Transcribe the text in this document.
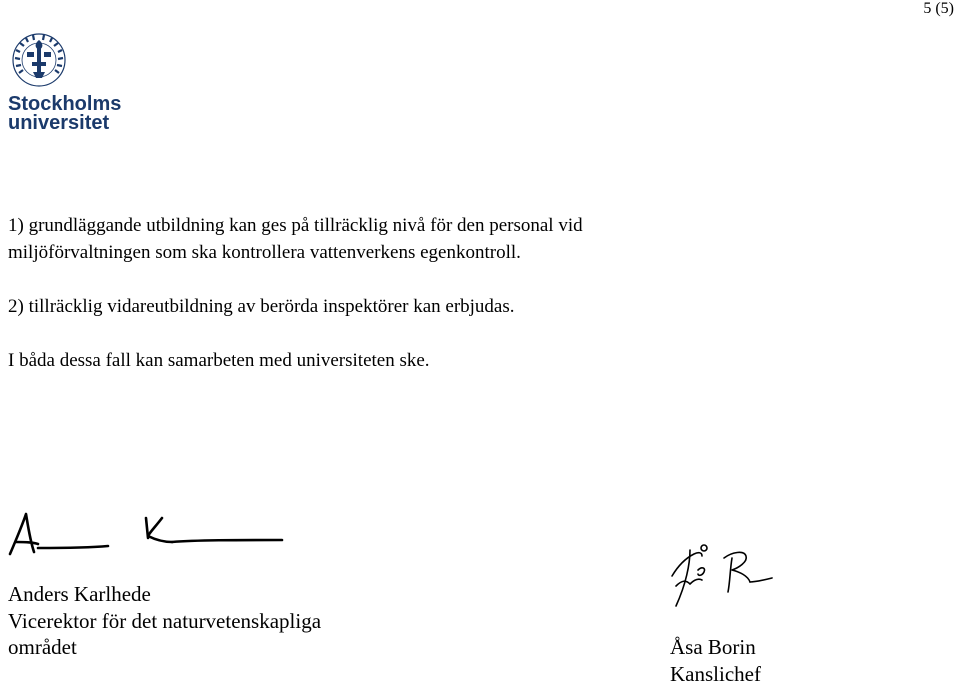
5 (5)
Stockholms
universitet

1) grundläggande utbildning kan ges på tillräcklig nivå för den personal vid

miljöförvaltningen som ska kontrollera vattenverkens egenkontroll.

2) tillräcklig vidareutbildning av berörda inspektörer kan erbjudas.

I båda dessa fall kan samarbeten med universiteten ske.

Anders Karlhede
Vicerektor för det naturvetenskapliga
området	Åsa Borin
Kanslichef
